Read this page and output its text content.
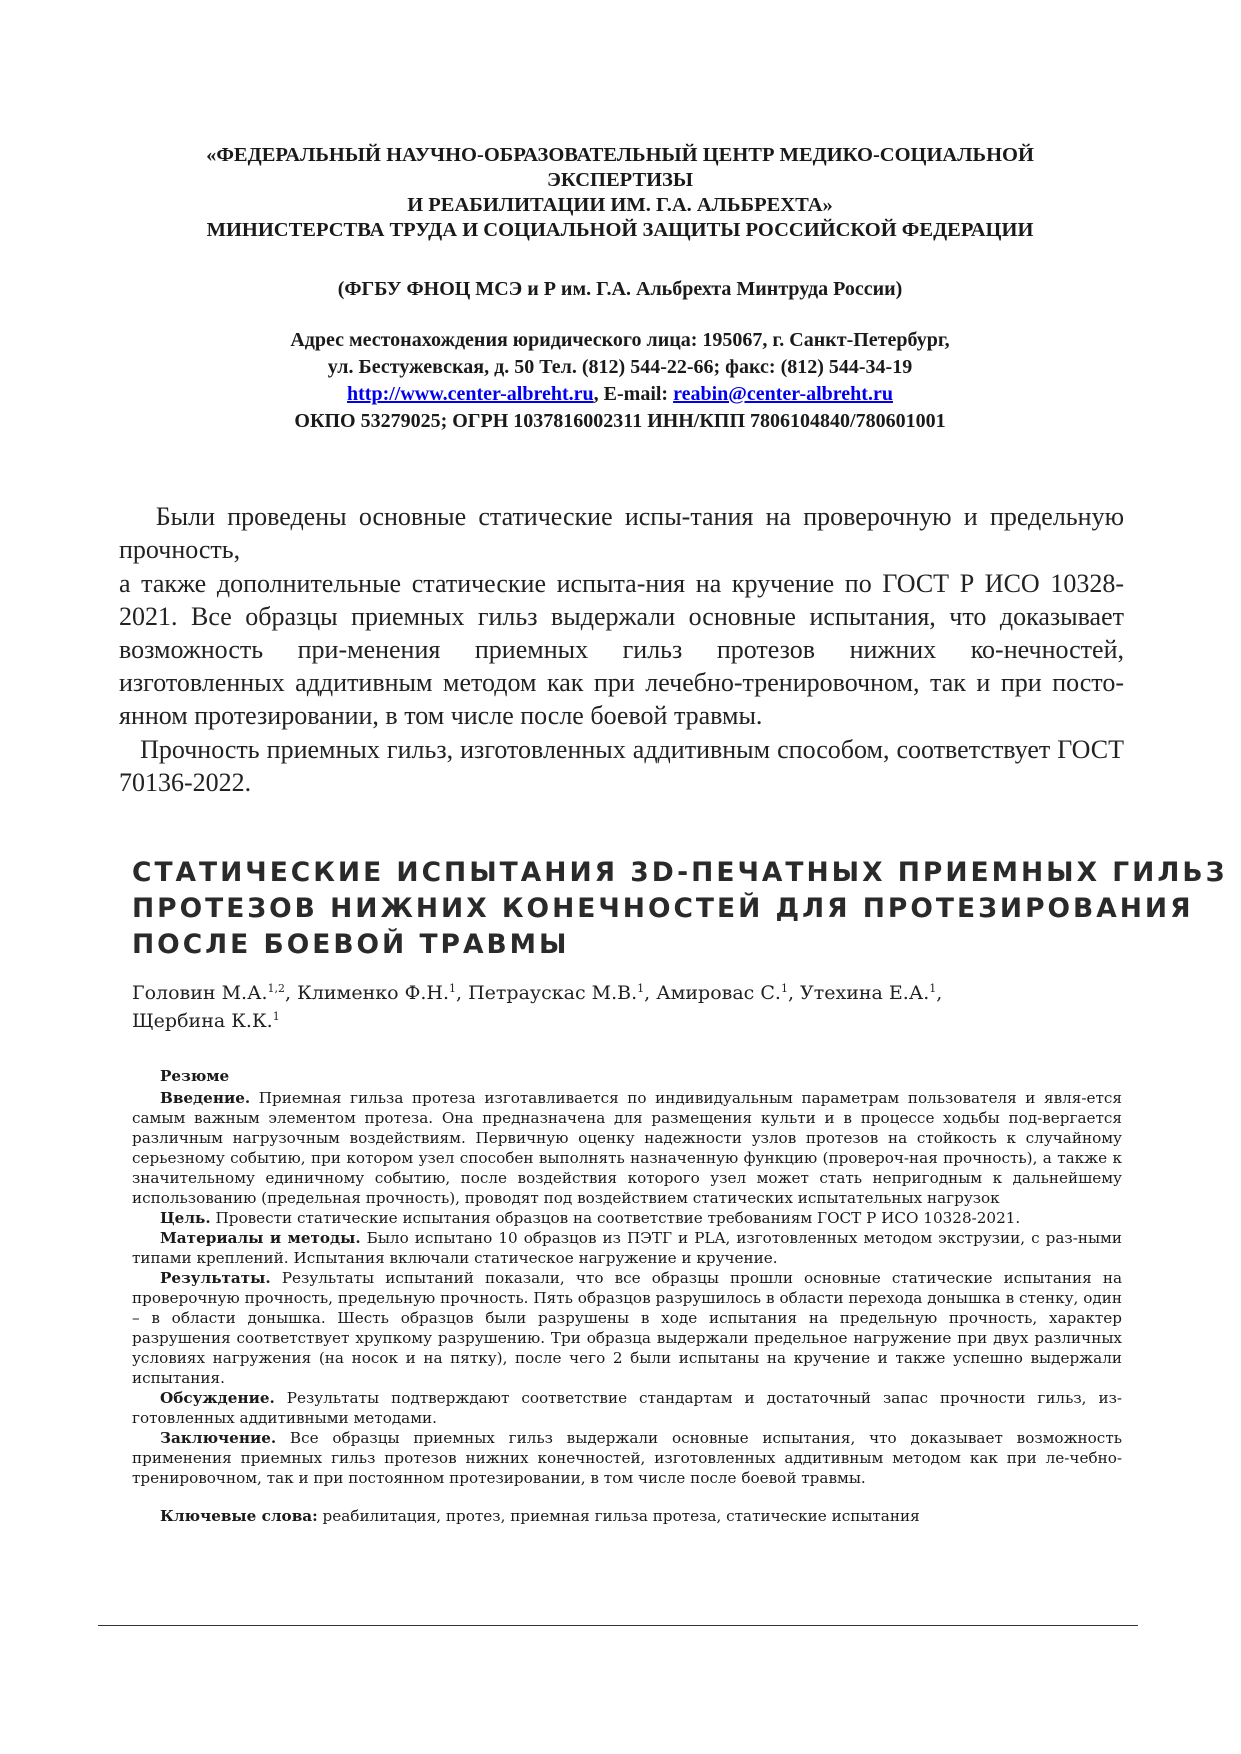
«ФЕДЕРАЛЬНЫЙ НАУЧНО-ОБРАЗОВАТЕЛЬНЫЙ ЦЕНТР МЕДИКО-СОЦИАЛЬНОЙ

ЭКСПЕРТИЗЫ

И РЕАБИЛИТАЦИИ ИМ. Г.А. АЛЬБРЕХТА»

МИНИСТЕРСТВА ТРУДА И СОЦИАЛЬНОЙ ЗАЩИТЫ РОССИЙСКОЙ ФЕДЕРАЦИИ

(ФГБУ ФНОЦ МСЭ и Р им. Г.А. Альбрехта Минтруда России)

Адрес местонахождения юридического лица: 195067, г. Санкт-Петербург,

ул. Бестужевская, д. 50 Тел. (812) 544-22-66; факс: (812) 544-34-19

http://www.center-albreht.ru, E-mail: reabin@center-albreht.ru

ОКПО 53279025; ОГРН 1037816002311 ИНН/КПП 7806104840/780601001

Были проведены основные статические испы-тания на проверочную и предельную прочность,

а также дополнительные статические испыта-ния на кручение по ГОСТ Р ИСО 10328-2021. Все образцы приемных гильз выдержали основные испытания, что доказывает возможность при-менения приемных гильз протезов нижних ко-нечностей, изготовленных аддитивным методом как при лечебно-тренировочном, так и при посто-янном протезировании, в том числе после боевой травмы.

Прочность приемных гильз, изготовленных аддитивным способом, соответствует ГОСТ 70136-2022.

СТАТИЧЕСКИЕ ИСПЫТАНИЯ 3D-ПЕЧАТНЫХ ПРИЕМНЫХ ГИЛЬЗ
ПРОТЕЗОВ НИЖНИХ КОНЕЧНОСТЕЙ ДЛЯ ПРОТЕЗИРОВАНИЯ
ПОСЛЕ БОЕВОЙ ТРАВМЫ
Головин М.А.$^{1,2}$, Клименко Ф.Н.$^1$, Петраускас М.В.$^1$, Амировас С.$^1$, Утехина Е.А.$^1$,
Щербина К.К.$^1$
Резюме

Введение. Приемная гильза протеза изготавливается по индивидуальным параметрам пользователя и явля-ется самым важным элементом протеза. Она предназначена для размещения культи и в процессе ходьбы под-вергается различным нагрузочным воздействиям. Первичную оценку надежности узлов протезов на стойкость к случайному серьезному событию, при котором узел способен выполнять назначенную функцию (провероч-ная прочность), а также к значительному единичному событию, после воздействия которого узел может стать непригодным к дальнейшему использованию (предельная прочность), проводят под воздействием статических испытательных нагрузок

Цель. Провести статические испытания образцов на соответствие требованиям ГОСТ Р ИСО 10328-2021.

Материалы и методы. Было испытано 10 образцов из ПЭТГ и PLA, изготовленных методом экструзии, с раз-ными типами креплений. Испытания включали статическое нагружение и кручение.

Результаты. Результаты испытаний показали, что все образцы прошли основные статические испытания на проверочную прочность, предельную прочность. Пять образцов разрушилось в области перехода донышка в стенку, один – в области донышка. Шесть образцов были разрушены в ходе испытания на предельную прочность, характер разрушения соответствует хрупкому разрушению. Три образца выдержали предельное нагружение при двух различных условиях нагружения (на носок и на пятку), после чего 2 были испытаны на кручение и также успешно выдержали испытания.

Обсуждение. Результаты подтверждают соответствие стандартам и достаточный запас прочности гильз, из-готовленных аддитивными методами.

Заключение. Все образцы приемных гильз выдержали основные испытания, что доказывает возможность применения приемных гильз протезов нижних конечностей, изготовленных аддитивным методом как при ле-чебно-тренировочном, так и при постоянном протезировании, в том числе после боевой травмы.

Ключевые слова: реабилитация, протез, приемная гильза протеза, статические испытания
